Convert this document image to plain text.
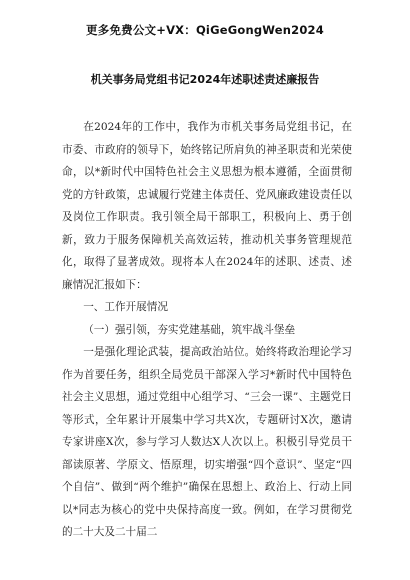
更多免费公文+VX：QiGeGongWen2024
机关事务局党组书记2024年述职述责述廉报告

在2024年的工作中，我作为市机关事务局党组书记，在市委、市政府的领导下，始终铭记所肩负的神圣职责和光荣使命，以*新时代中国特色社会主义思想为根本遵循，全面贯彻党的方针政策，忠诚履行党建主体责任、党风廉政建设责任以及岗位工作职责。我引领全局干部职工，积极向上、勇于创新，致力于服务保障机关高效运转，推动机关事务管理规范化，取得了显著成效。现将本人在2024年的述职、述责、述廉情况汇报如下：

一、工作开展情况

（一）强引领，夯实党建基础，筑牢战斗堡垒

一是强化理论武装，提高政治站位。始终将政治理论学习作为首要任务，组织全局党员干部深入学习*新时代中国特色社会主义思想，通过党组中心组学习、“三会一课”、主题党日等形式，全年累计开展集中学习共X次，专题研讨X次，邀请专家讲座X次，参与学习人数达X人次以上。积极引导党员干部读原著、学原文、悟原理，切实增强“四个意识”、坚定“四个自信”、做到“两个维护”确保在思想上、政治上、行动上同以*同志为核心的党中央保持高度一致。例如，在学习贯彻党的二十大及二十届二
